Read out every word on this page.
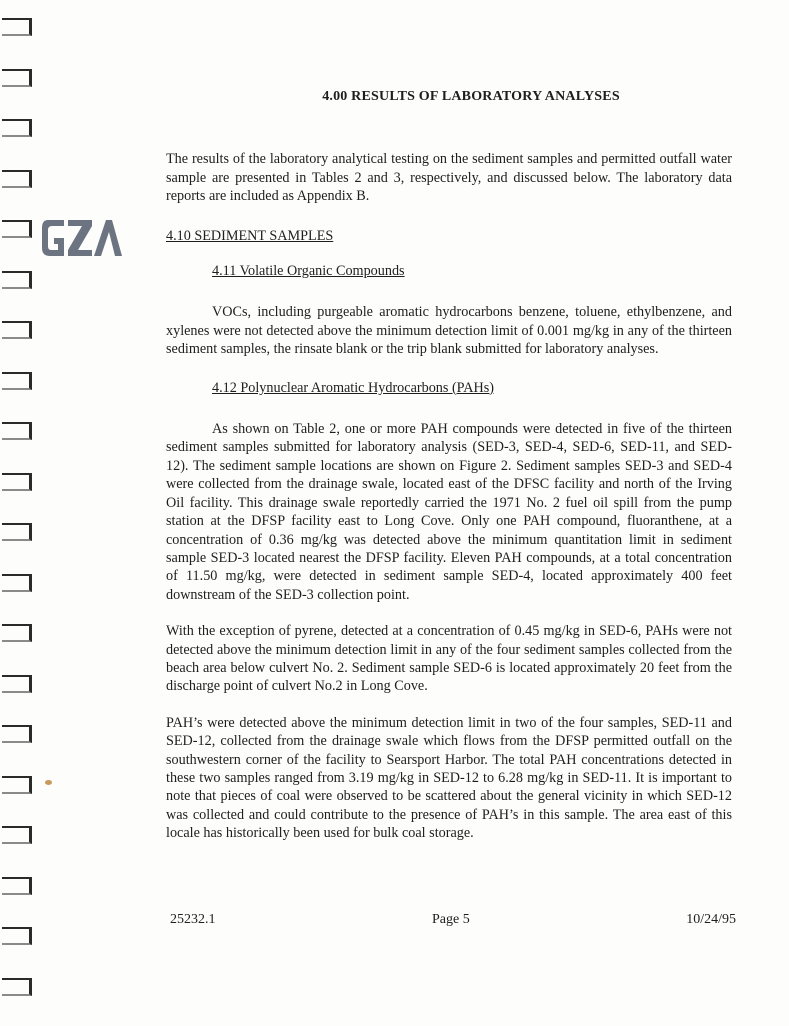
4.00 RESULTS OF LABORATORY ANALYSES

The results of the laboratory analytical testing on the sediment samples and permitted outfall water sample are presented in Tables 2 and 3, respectively, and discussed below. The laboratory data reports are included as Appendix B.

4.10 SEDIMENT SAMPLES
4.11 Volatile Organic Compounds

VOCs, including purgeable aromatic hydrocarbons benzene, toluene, ethylbenzene, and xylenes were not detected above the minimum detection limit of 0.001 mg/kg in any of the thirteen sediment samples, the rinsate blank or the trip blank submitted for laboratory analyses.

4.12 Polynuclear Aromatic Hydrocarbons (PAHs)

As shown on Table 2, one or more PAH compounds were detected in five of the thirteen sediment samples submitted for laboratory analysis (SED-3, SED-4, SED-6, SED-11, and SED-12). The sediment sample locations are shown on Figure 2. Sediment samples SED-3 and SED-4 were collected from the drainage swale, located east of the DFSC facility and north of the Irving Oil facility. This drainage swale reportedly carried the 1971 No. 2 fuel oil spill from the pump station at the DFSP facility east to Long Cove. Only one PAH compound, fluoranthene, at a concentration of 0.36 mg/kg was detected above the minimum quantitation limit in sediment sample SED-3 located nearest the DFSP facility. Eleven PAH compounds, at a total concentration of 11.50 mg/kg, were detected in sediment sample SED-4, located approximately 400 feet downstream of the SED-3 collection point.

With the exception of pyrene, detected at a concentration of 0.45 mg/kg in SED-6, PAHs were not detected above the minimum detection limit in any of the four sediment samples collected from the beach area below culvert No. 2. Sediment sample SED-6 is located approximately 20 feet from the discharge point of culvert No.2 in Long Cove.

PAH’s were detected above the minimum detection limit in two of the four samples, SED-11 and SED-12, collected from the drainage swale which flows from the DFSP permitted outfall on the southwestern corner of the facility to Searsport Harbor. The total PAH concentrations detected in these two samples ranged from 3.19 mg/kg in SED-12 to 6.28 mg/kg in SED-11. It is important to note that pieces of coal were observed to be scattered about the general vicinity in which SED-12 was collected and could contribute to the presence of PAH’s in this sample. The area east of this locale has historically been used for bulk coal storage.

25232.1	Page 5	10/24/95
